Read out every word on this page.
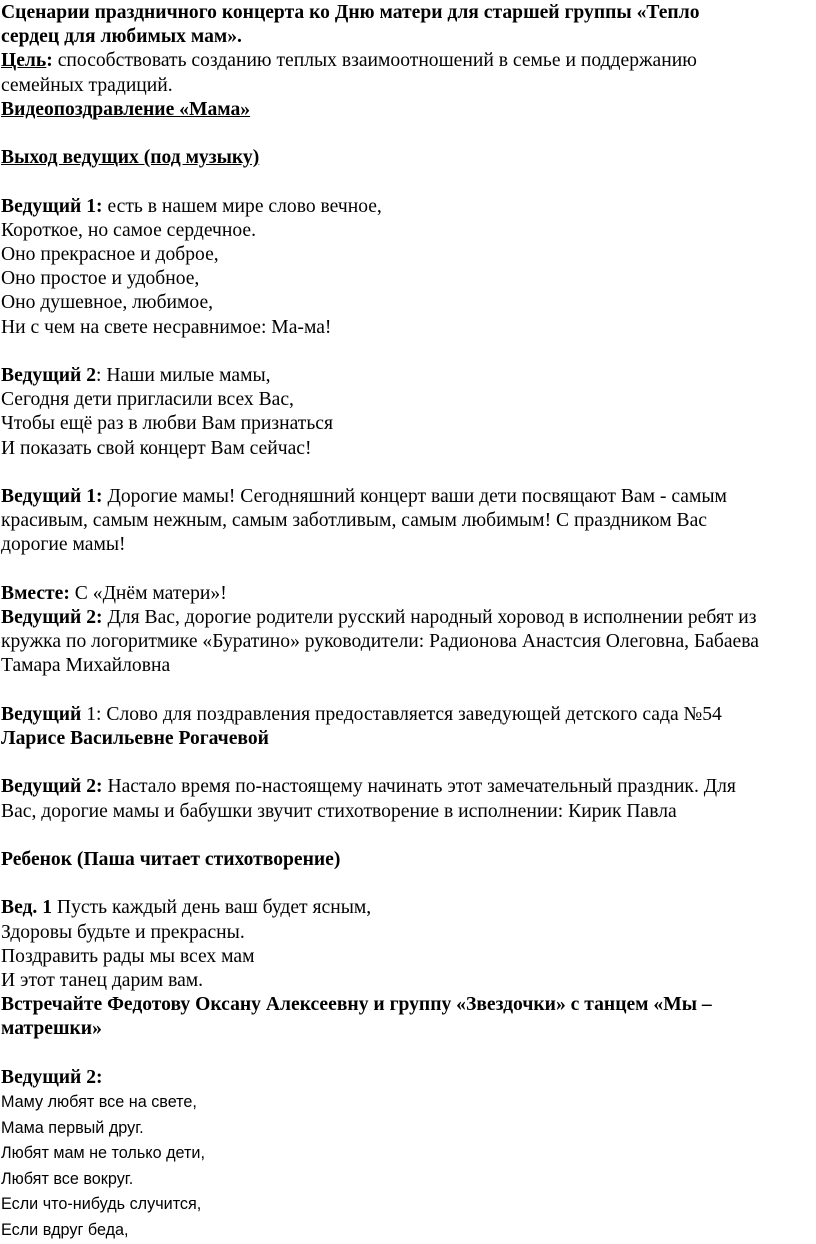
Сценарии праздничного концерта ко Дню матери для старшей группы «Тепло

сердец для любимых мам».

Цель: способствовать созданию теплых взаимоотношений в семье и поддержанию

семейных традиций.

Видеопоздравление «Мама»

Выход ведущих (под музыку)

Ведущий 1: есть в нашем мире слово вечное,

Короткое, но самое сердечное.

Оно прекрасное и доброе,

Оно простое и удобное,

Оно душевное, любимое,

Ни с чем на свете несравнимое: Ма-ма!

Ведущий 2: Наши милые мамы,

Сегодня дети пригласили всех Вас,

Чтобы ещё раз в любви Вам признаться

И показать свой концерт Вам сейчас!

Ведущий 1: Дорогие мамы! Сегодняшний концерт ваши дети посвящают Вам - самым

красивым, самым нежным, самым заботливым, самым любимым! С праздником Вас

дорогие мамы!

Вместе: С «Днём матери»!

Ведущий 2: Для Вас, дорогие родители русский народный хоровод в исполнении ребят из

кружка по логоритмике «Буратино» руководители: Радионова Анастсия Олеговна, Бабаева

Тамара Михайловна

Ведущий 1: Слово для поздравления предоставляется заведующей детского сада №54

Ларисе Васильевне Рогачевой

Ведущий 2: Настало время по-настоящему начинать этот замечательный праздник. Для

Вас, дорогие мамы и бабушки звучит стихотворение в исполнении: Кирик Павла

Ребенок (Паша читает стихотворение)

Вед. 1 Пусть каждый день ваш будет ясным,

Здоровы будьте и прекрасны.

Поздравить рады мы всех мам

И этот танец дарим вам.

Встречайте Федотову Оксану Алексеевну и группу «Звездочки» с танцем «Мы –

матрешки»

Ведущий 2:

Маму любят все на свете,

Мама первый друг.

Любят мам не только дети,

Любят все вокруг.

Если что-нибудь случится,

Если вдруг беда,
